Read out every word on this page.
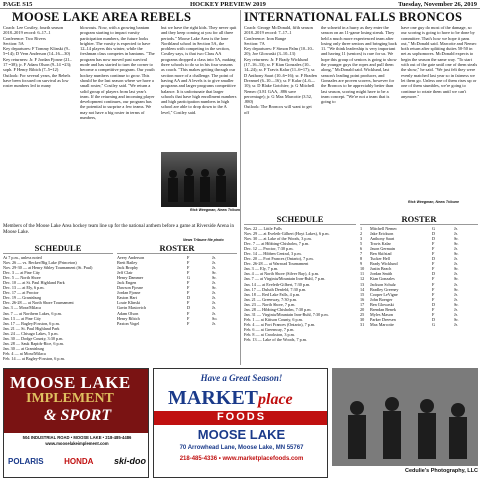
PAGE S15	HOCKEY PREVIEW 2019	Tuesday, November 26, 2019
MOOSE LAKE AREA REBELS

Coach: Lee Costley, fourth season

2018–2019 record: 6–17–1

Conference: Two Rivers

Section: 5A

Key departures: F Tommy Klinski (9–5=14); D Vern Anderson (14–16—30)

Key returners: Jr. F Jordan Fjosne (21–17 =38); jr. F Adam Olson (9–14 =23); soph. F Henry Ribich (7–5=12)

Outlook: For several years, the Rebels have been focused on survival as low roster numbers led to many

blowouts. Now, with a growing bantam program starting to impact varsity participation numbers, the future looks brighter. The varsity is expected to have 12–14 players this winter, while the freshman class competes in bantams. "The program has now moved past survival mode and has started to turn the corner to become a competitive program. Our youth hockey numbers continue to grow. This should be the last season where we have a small roster," Costley said. "We return a solid group of players from last year's team. If the returning and incoming player development continues, our program has the potential to surprise a few teams. We may not have a big roster in terms of numbers,
but we have the right kids. They never quit and they keep coming at you for all three periods." Moose Lake Area is the lone Northland school in Section 5A, the problem with competing in the section, Costley says, is that two Class AA programs dropped a class into 5A, making three schools to do so in his four seasons as coach. "This makes getting through our section more of a challenge. The point of having AA and A levels is to give smaller programs and larger programs competitive balance. It is unfortunate that larger schools that have high enrollment numbers and high participation numbers in high school are able to drop down to the A level," Costley said.
Rick Weegman, News Tribune
Members of the Moose Lake Area hockey team line up for the national anthem before a game at Riverside Arena in Moose Lake.
News Tribune file photo
SCHEDULE
At 7 p.m., unless noted
Nov. 26 — vs. Becker/Big Lake (Princeton)
Nov. 29-30 — at Henry Sibley Tournament (St. Paul)
Dec. 3 — at Pine City
Dec. 5 — North Shore
Dec. 10 — at St. Paul Highland Park
Dec. 13 — at Ely, 6 p.m.
Dec. 17 — at Proctor
Dec. 19 — Grantsburg
Dec. 26-28 — at North Shore Tournament
Jan. 3 — Mora/Milaca
Jan. 7 — at Northern Lakes, 6 p.m.
Jan. 13 — at Pine City
Jan. 17 — Bagley/Fosston, 6 p.m.
Jan. 21 — St. Paul Highland Park
Jan. 24 — Chisago Lakes, 5 p.m.
Jan. 30 — Dodge County, 3:30 p.m.
Jan. 28 — Sauk Rapids-Rice, 6 p.m.
Jan. 30 — at Grantsburg
Feb. 4 — at Mora/Milaca
Feb. 14 — at Bagley-Fosston, 6 p.m.
ROSTER
Avery Anderson	F	Jr.
Brett Bailey	F	Jr.
Jack Brophy	F	Jr.
Jeff Clair	F	Sr.
Henry Dammer	G	Sr.
Jack Engen	F	Jr.
Dawson Fjosne	F	Sr.
Jordan Fjosne	F	Jr.
Easton Hart	D	Jr.
Louie Klinski	F	Jr.
Gavin Mastovich	D	Jr.
Adam Olson	F	Jr.
Henry Ribich	F	So.
Paxton Vogel	F	Jr.
INTERNATIONAL FALLS BRONCOS

Coach: George McDonald, fifth season

2018–2019 record: 7–17–1

Conference: Iron Range

Section: 7A

Key departures: F Simon Palm (10–10–20); Joe Glowaski (3–10–13)

Key returners: Jr. F Brady Wicklund (17–16–33); sr. F Kian Gonzales (10–14–24); sr. F Travis Kalar (11–6=17); sr. D Anthony Saari (10–6=16); sr. F Braden Dreamel (6–10—16); sr. F Kalar (4–6—10); sr. D Blake Gotchier; jr. G Mitchell Nemec (3.81 GAA, .886 save percentage); jr. G Max Marcotte (3.52, .880)

Outlook: The Broncos will want to get off

the schneid in a hurry as they enter the season on an 11-game losing streak. They held a much more experienced team after losing only three seniors and bringing back 11. "We think leadership is very important and having 11 (seniors) is rare for us. We hope this group of seniors is going to show the younger guys the ropes and pull them along," McDonald said. Wicklund, last season's leading point producer, and Gonzales are proven scorers, however for the Broncos to be appreciably better than last season, scoring might have to be a team concept. "We're not a team that is going to
have one guy do most of the damage, so our scoring is going to have to be done by committee. That's how we hope it pans out," McDonald said. Marcotte and Nemec both return after splitting duties 50-50 in net as sophomores. McDonald expects to begin the season the same way. "To start with out of the gate until one of them steals the show," he said. "We just felt they were evenly matched last year so in fairness we let them go. Unless one of them rises up or one of them stumbles, we're going to continue to rotate them until we can't anymore."
Rick Weegman, News Tribune
SCHEDULE
Nov. 22 — Little Falls
Nov. 29 — at Eveleth-Gilbert (Hoyt Lakes), 6 p.m.
Nov. 30 — at Lake of the Woods, 3 p.m.
Dec. 7 — at Hibbing-Chisholm, 7 p.m.
Dec. 12 — Proctor, 7:30 p.m.
Dec. 14 — Hibben Central, 3 p.m.
Dec. 20 — Fort Frances (Ontario), 7 p.m.
Dec. 26-28 — at Warroad Tournament
Jan. 3 — Ely, 7 p.m.
Jan. 4 — at North Shore (Silver Bay), 4 p.m.
Jan. 7 — at Virginia/Mountain Iron-Buhl, 7 p.m.
Jan. 14 — at Eveleth-Gilbert, 7:30 p.m.
Jan. 17 — Duluth Denfeld, 7:30 p.m.
Jan. 18 — Red Lake Falls, 4 p.m.
Jan. 21 — Greenway, 7:30 p.m.
Jan. 23 — North Shore, 7 p.m.
Jan. 28 — Hibbing-Chisholm, 7:30 p.m.
Jan. 31 — Virginia/Mountain Iron-Buhl, 7:30 p.m.
Feb. 1 — at Kittson County, 6 p.m.
Feb. 4 — at Fort Frances (Ontario), 7 p.m.
Feb. 6 — at Greenway, 7 p.m.
Feb. 8 — at Crookston, 3 p.m.
Feb. 13 — Lake of the Woods, 7 p.m.
ROSTER
1	Mitchell Nemec	G	Jr.
2	Jake Erickson	D	Jr.
3	Anthony Saari	D	Sr.
5	Travis Kalar	F	Sr.
6	Jason Germain	F	Jr.
7	Ben Skifstad	F	Sr.
8	Tucker Hell	D	Jr.
9	Brady Wicklund	F	Jr.
10	Justin Beach	F	Sr.
11	Jordan Smith	D	Jr.
12	Kian Gonzales	F	Sr.
13	Jackson Schulz	F	Jr.
14	Bradley Greeney	F	Sr.
15	Cooper LeVigne	F	Jr.
16	John Boerger	F	Jr.
17	Ben Glowaski	D	Sr.
20	Brendan Benek	F	Jr.
25	Myles Mason	F	Jr.
30	Parker Dreesen	D	Sr.
31	Max Marcotte	G	Jr.
MOOSE LAKE
IMPLEMENT
& SPORT
504 INDUSTRIAL ROAD • MOOSE LAKE • 218-485-4486
www.mooselakeimplement.com
POLARIS	HONDA ski-doo
Have a Great Season!
MARKET place
FOODS
MOOSE LAKE
70 Arrowhead Lane, Moose Lake, MN 55767
218-485-4336 • www.marketplacefoods.com
Cedulie's Photography, LLC
